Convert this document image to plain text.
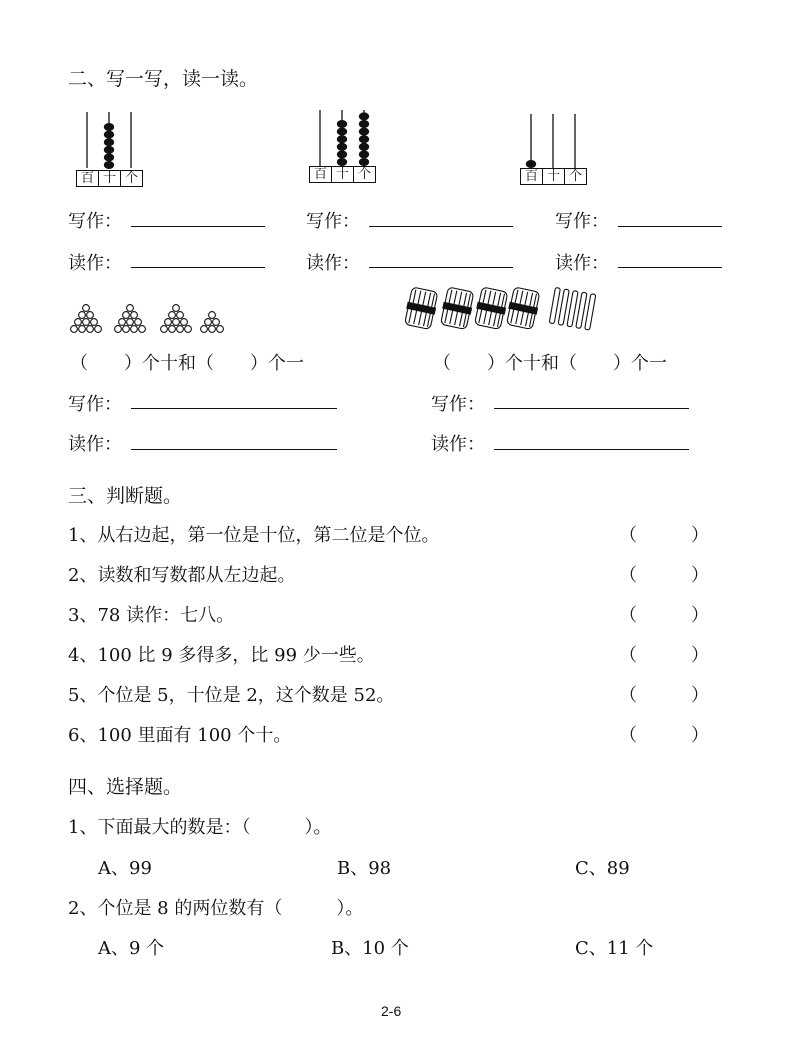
二、写一写，读一读。
百 十 个	百 十 个	百 十 个
写作：	写作：	写作：
读作：	读作：	读作：
（　　）个十和（　　）个一	（　　）个十和（　　）个一
写作：	写作：
读作：	读作：
三、判断题。
1、从右边起，第一位是十位，第二位是个位。	（　　　）
2、读数和写数都从左边起。	（　　　）
3、78 读作：七八。	（　　　）
4、100 比 9 多得多，比 99 少一些。	（　　　）
5、个位是 5，十位是 2，这个数是 52。	（　　　）
6、100 里面有 100 个十。	（　　　）
四、选择题。
1、下面最大的数是：（　　　）。
A、99	B、98	C、89
2、个位是 8 的两位数有（　　　）。
A、9 个	B、10 个	C、11 个
2-6
